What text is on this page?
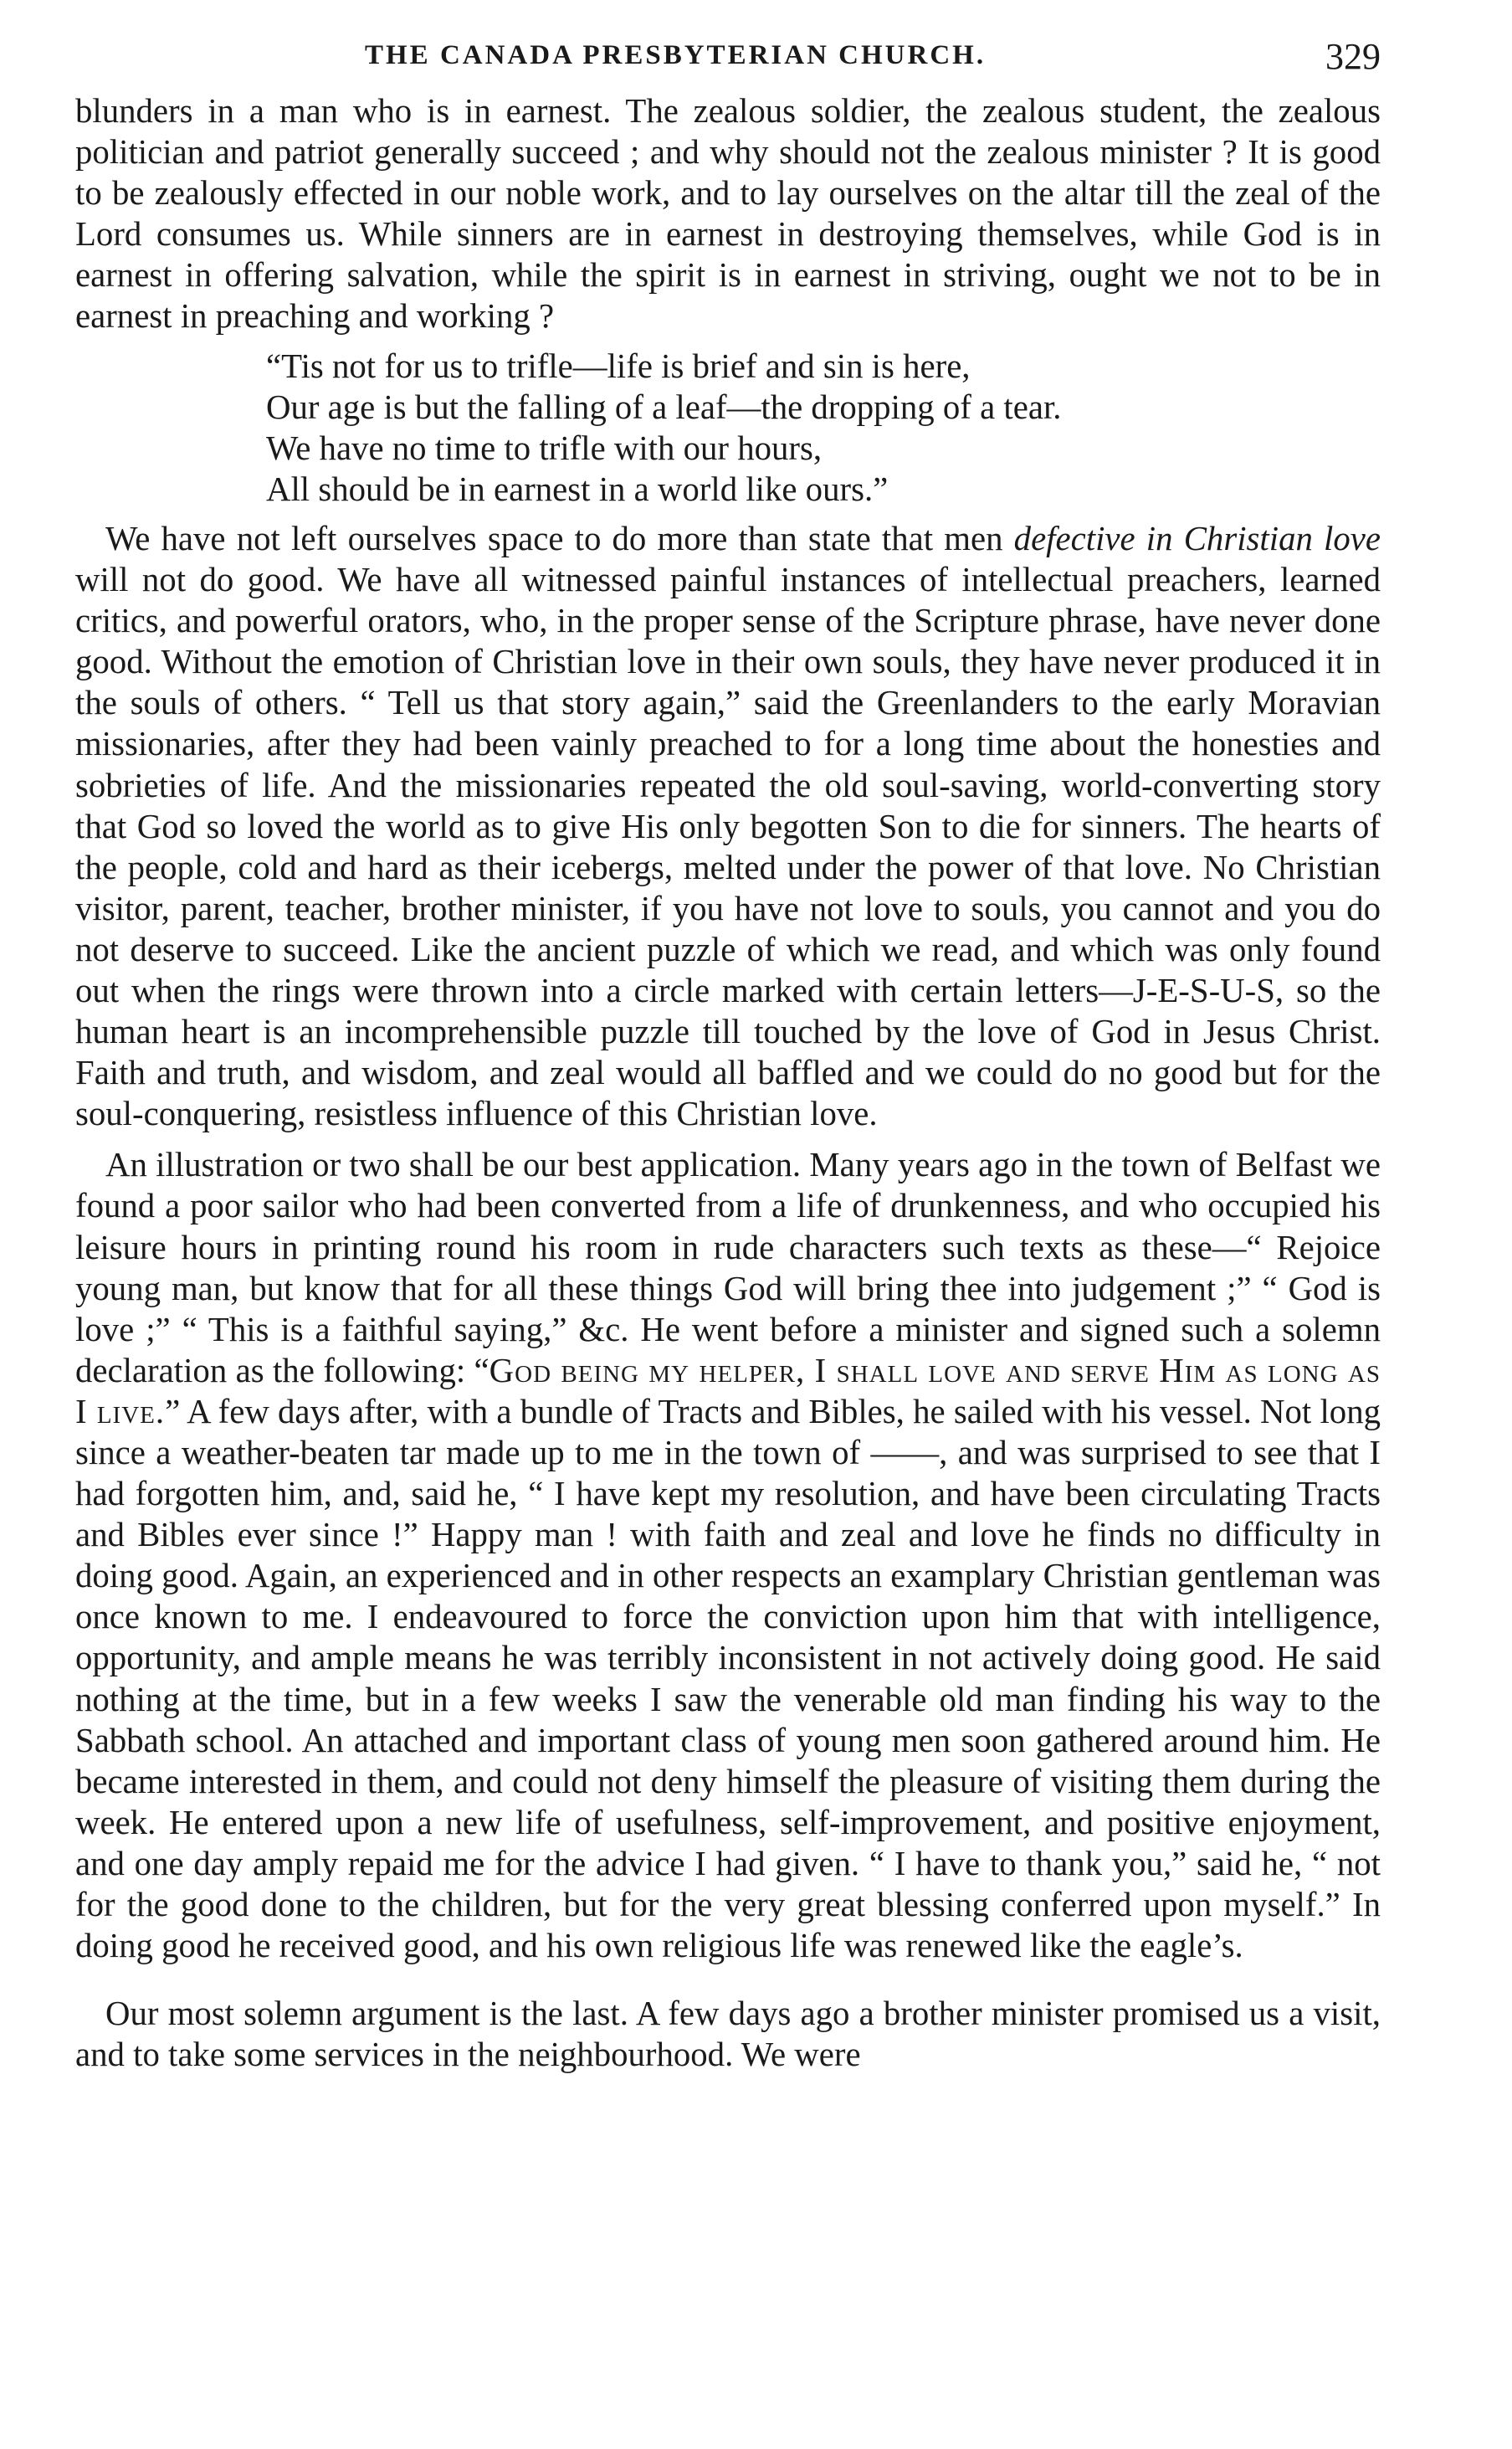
THE CANADA PRESBYTERIAN CHURCH.	329

blunders in a man who is in earnest. The zealous soldier, the zealous student, the zealous politician and patriot generally succeed ; and why should not the zealous minister ? It is good to be zealously effected in our noble work, and to lay ourselves on the altar till the zeal of the Lord consumes us. While sinners are in earnest in destroying themselves, while God is in earnest in offering salvation, while the spirit is in earnest in striving, ought we not to be in earnest in preaching and working ?

“Tis not for us to trifle—life is brief and sin is here,
Our age is but the falling of a leaf—the dropping of a tear.
We have no time to trifle with our hours,
All should be in earnest in a world like ours.”

We have not left ourselves space to do more than state that men defective in Christian love will not do good. We have all witnessed painful instances of intellectual preachers, learned critics, and powerful orators, who, in the proper sense of the Scripture phrase, have never done good. Without the emotion of Christian love in their own souls, they have never produced it in the souls of others. “ Tell us that story again,” said the Greenlanders to the early Moravian missionaries, after they had been vainly preached to for a long time about the honesties and sobrieties of life. And the missionaries repeated the old soul-saving, world-converting story that God so loved the world as to give His only begotten Son to die for sinners. The hearts of the people, cold and hard as their icebergs, melted under the power of that love. No Christian visitor, parent, teacher, brother minister, if you have not love to souls, you cannot and you do not deserve to succeed. Like the ancient puzzle of which we read, and which was only found out when the rings were thrown into a circle marked with certain letters—J-E-S-U-S, so the human heart is an incomprehensible puzzle till touched by the love of God in Jesus Christ. Faith and truth, and wisdom, and zeal would all baffled and we could do no good but for the soul-conquering, resistless influence of this Christian love.

An illustration or two shall be our best application. Many years ago in the town of Belfast we found a poor sailor who had been converted from a life of drunkenness, and who occupied his leisure hours in printing round his room in rude characters such texts as these—“ Rejoice young man, but know that for all these things God will bring thee into judgement ;” “ God is love ;” “ This is a faithful saying,” &c. He went before a minister and signed such a solemn declaration as the following: “God being my helper, I shall love and serve Him as long as I live.” A few days after, with a bundle of Tracts and Bibles, he sailed with his vessel. Not long since a weather-beaten tar made up to me in the town of ——, and was surprised to see that I had forgotten him, and, said he, “ I have kept my resolution, and have been circulating Tracts and Bibles ever since !” Happy man ! with faith and zeal and love he finds no difficulty in doing good. Again, an experienced and in other respects an examplary Christian gentleman was once known to me. I endeavoured to force the conviction upon him that with intelligence, opportunity, and ample means he was terribly inconsistent in not actively doing good. He said nothing at the time, but in a few weeks I saw the venerable old man finding his way to the Sabbath school. An attached and important class of young men soon gathered around him. He became interested in them, and could not deny himself the pleasure of visiting them during the week. He entered upon a new life of usefulness, self-improvement, and positive enjoyment, and one day amply repaid me for the advice I had given. “ I have to thank you,” said he, “ not for the good done to the children, but for the very great blessing conferred upon myself.” In doing good he received good, and his own religious life was renewed like the eagle’s.

Our most solemn argument is the last. A few days ago a brother minister promised us a visit, and to take some services in the neighbourhood. We were
